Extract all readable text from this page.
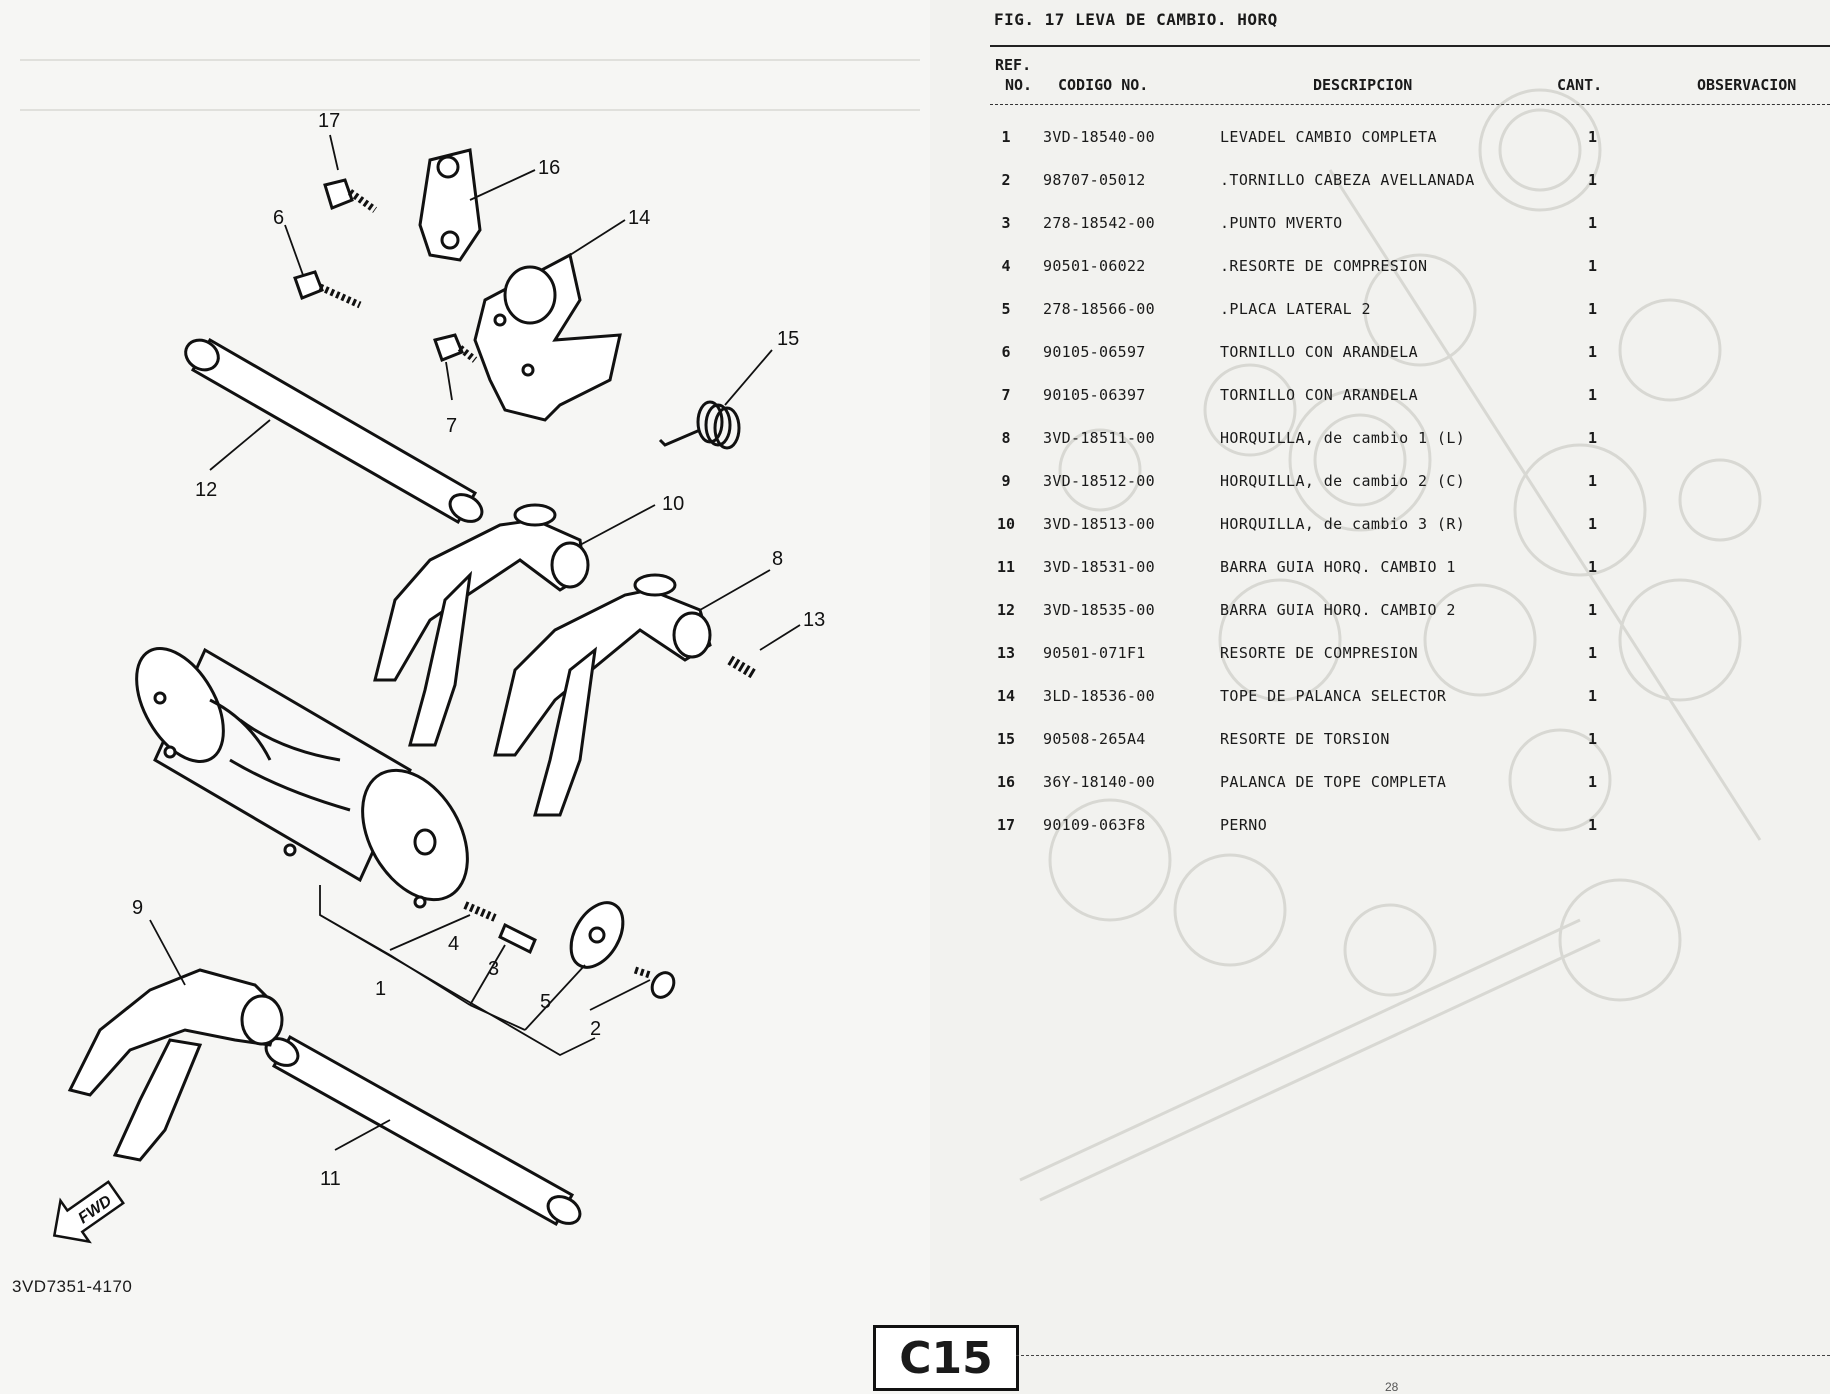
17
16
14
6
15
7
12
10
8
13
9
4
3
1
5
2
11
FWD
3VD7351-4170
FIG. 17 LEVA DE CAMBIO. HORQ
REF.
NO. CODIGO NO.	DESCRIPCION	CANT.	OBSERVACION
1	3VD-18540-00	LEVADEL CAMBIO COMPLETA	1
2	98707-05012	.TORNILLO CABEZA AVELLANADA	1
3	278-18542-00	.PUNTO MVERTO	1
4	90501-06022	.RESORTE DE COMPRESION	1
5	278-18566-00	.PLACA LATERAL 2	1
6	90105-06597	TORNILLO CON ARANDELA	1
7	90105-06397	TORNILLO CON ARANDELA	1
8	3VD-18511-00	HORQUILLA, de cambio 1 (L)	1
9	3VD-18512-00	HORQUILLA, de cambio 2 (C)	1
10 3VD-18513-00	HORQUILLA, de cambio 3 (R)	1
11 3VD-18531-00	BARRA GUIA HORQ. CAMBIO 1	1
12 3VD-18535-00	BARRA GUIA HORQ. CAMBIO 2	1
13 90501-071F1	RESORTE DE COMPRESION	1
14 3LD-18536-00	TOPE DE PALANCA SELECTOR	1
15 90508-265A4	RESORTE DE TORSION	1
16 36Y-18140-00	PALANCA DE TOPE COMPLETA	1
17 90109-063F8	PERNO	1
C15
28
